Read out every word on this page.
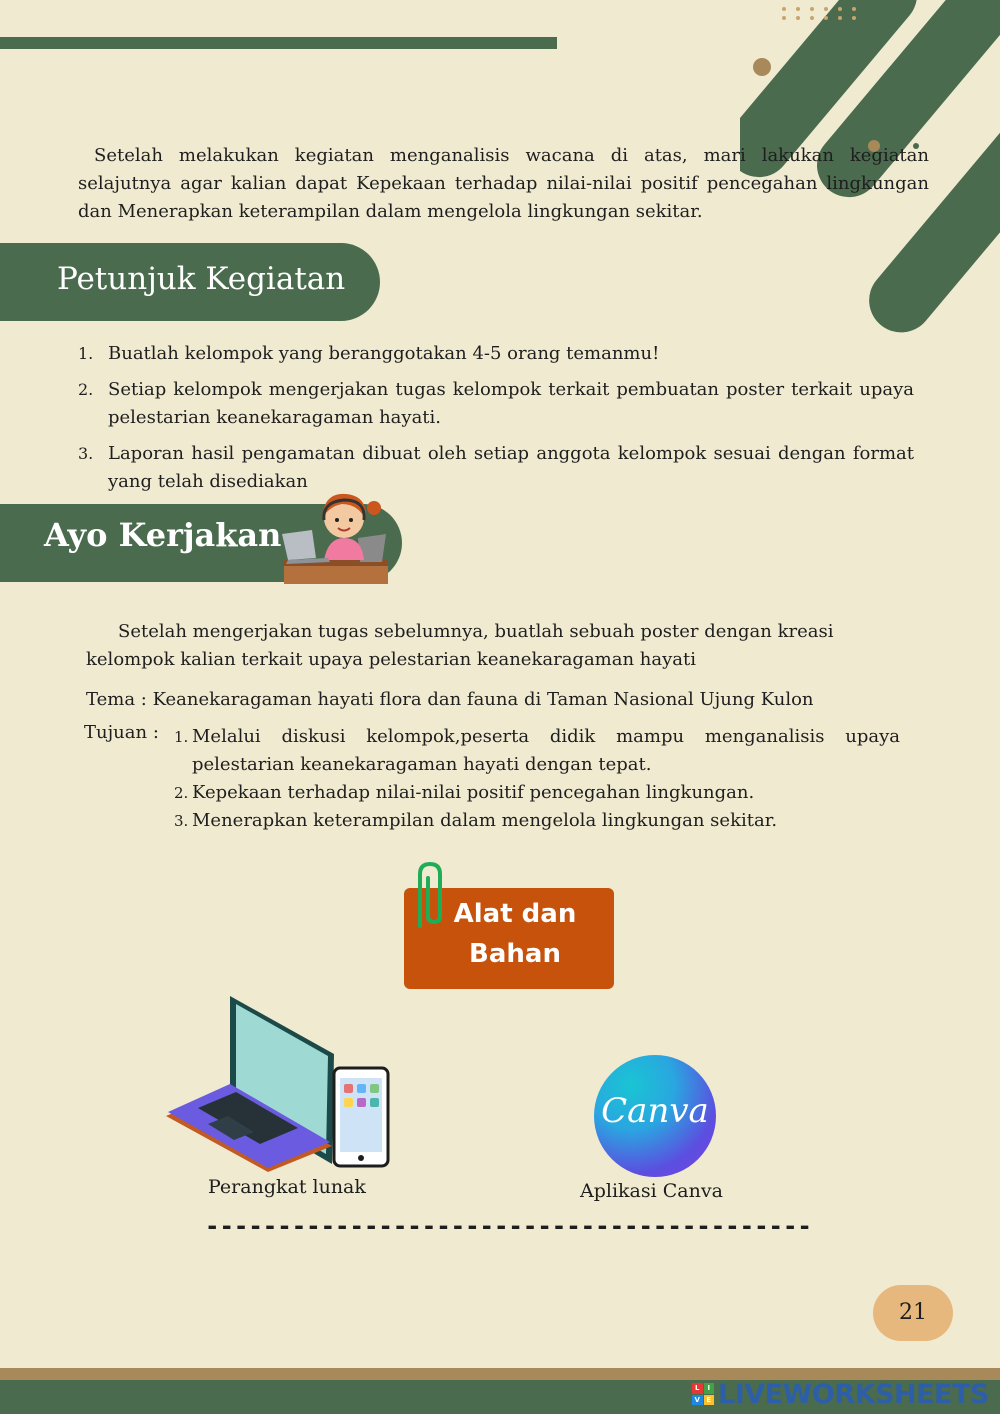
Setelah melakukan kegiatan menganalisis wacana di atas, mari lakukan kegiatan selajutnya agar kalian dapat Kepekaan terhadap nilai-nilai positif pencegahan lingkungan dan Menerapkan keterampilan dalam mengelola lingkungan sekitar.

Petunjuk Kegiatan
1. Buatlah kelompok yang beranggotakan 4-5 orang temanmu!
2. Setiap kelompok mengerjakan tugas kelompok terkait pembuatan poster terkait upaya pelestarian keanekaragaman hayati.
3. Laporan hasil pengamatan dibuat oleh setiap anggota kelompok sesuai dengan format yang telah disediakan
Ayo Kerjakan

Setelah mengerjakan tugas sebelumnya, buatlah sebuah poster dengan kreasi kelompok kalian terkait upaya pelestarian keanekaragaman hayati

Tema : Keanekaragaman hayati flora dan fauna di Taman Nasional Ujung Kulon
Tujuan : 1. Melalui diskusi kelompok,peserta didik mampu menganalisis upaya pelestarian keanekaragaman hayati dengan tepat.
2. Kepekaan terhadap nilai-nilai positif pencegahan lingkungan.
3. Menerapkan keterampilan dalam mengelola lingkungan sekitar.
Alat dan
Bahan
Perangkat lunak
Canva
Aplikasi Canva
------------------------------------------
21
L	I
V E LIVEWORKSHEETS
